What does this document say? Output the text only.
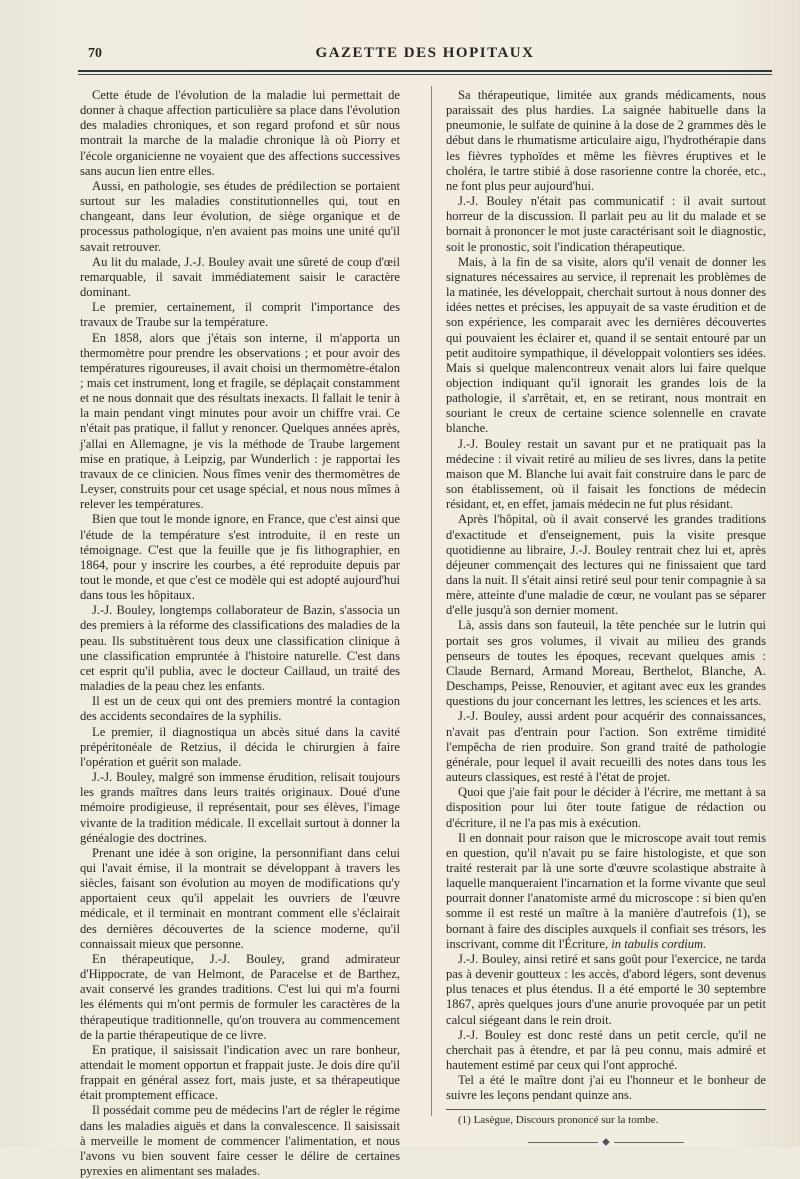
70	GAZETTE DES HOPITAUX

Cette étude de l'évolution de la maladie lui permettait de donner à chaque affection particulière sa place dans l'évolution des maladies chroniques, et son regard profond et sûr nous montrait la marche de la maladie chronique là où Piorry et l'école organicienne ne voyaient que des affections successives sans aucun lien entre elles.

Aussi, en pathologie, ses études de prédilection se portaient surtout sur les maladies constitutionnelles qui, tout en changeant, dans leur évolution, de siège organique et de processus pathologique, n'en avaient pas moins une unité qu'il savait retrouver.

Au lit du malade, J.-J. Bouley avait une sûreté de coup d'œil remarquable, il savait immédiatement saisir le caractère dominant.

Le premier, certainement, il comprit l'importance des travaux de Traube sur la température.

En 1858, alors que j'étais son interne, il m'apporta un thermomètre pour prendre les observations ; et pour avoir des températures rigoureuses, il avait choisi un thermomètre-étalon ; mais cet instrument, long et fragile, se déplaçait constamment et ne nous donnait que des résultats inexacts. Il fallait le tenir à la main pendant vingt minutes pour avoir un chiffre vrai. Ce n'était pas pratique, il fallut y renoncer. Quelques années après, j'allai en Allemagne, je vis la méthode de Traube largement mise en pratique, à Leipzig, par Wunderlich : je rapportai les travaux de ce clinicien. Nous fîmes venir des thermomètres de Leyser, construits pour cet usage spécial, et nous nous mîmes à relever les températures.

Bien que tout le monde ignore, en France, que c'est ainsi que l'étude de la température s'est introduite, il en reste un témoignage. C'est que la feuille que je fis lithographier, en 1864, pour y inscrire les courbes, a été reproduite depuis par tout le monde, et que c'est ce modèle qui est adopté aujourd'hui dans tous les hôpitaux.

J.-J. Bouley, longtemps collaborateur de Bazin, s'associa un des premiers à la réforme des classifications des maladies de la peau. Ils substituèrent tous deux une classification clinique à une classification empruntée à l'histoire naturelle. C'est dans cet esprit qu'il publia, avec le docteur Caillaud, un traité des maladies de la peau chez les enfants.

Il est un de ceux qui ont des premiers montré la contagion des accidents secondaires de la syphilis.

Le premier, il diagnostiqua un abcès situé dans la cavité prépéritonéale de Retzius, il décida le chirurgien à faire l'opération et guérit son malade.

J.-J. Bouley, malgré son immense érudition, relisait toujours les grands maîtres dans leurs traités originaux. Doué d'une mémoire prodigieuse, il représentait, pour ses élèves, l'image vivante de la tradition médicale. Il excellait surtout à donner la généalogie des doctrines.

Prenant une idée à son origine, la personnifiant dans celui qui l'avait émise, il la montrait se développant à travers les siècles, faisant son évolution au moyen de modifications qu'y apportaient ceux qu'il appelait les ouvriers de l'œuvre médicale, et il terminait en montrant comment elle s'éclairait des dernières découvertes de la science moderne, qu'il connaissait mieux que personne.

En thérapeutique, J.-J. Bouley, grand admirateur d'Hippocrate, de van Helmont, de Paracelse et de Barthez, avait conservé les grandes traditions. C'est lui qui m'a fourni les éléments qui m'ont permis de formuler les caractères de la thérapeutique traditionnelle, qu'on trouvera au commencement de la partie thérapeutique de ce livre.

En pratique, il saisissait l'indication avec un rare bonheur, attendait le moment opportun et frappait juste. Je dois dire qu'il frappait en général assez fort, mais juste, et sa thérapeutique était promptement efficace.

Il possédait comme peu de médecins l'art de régler le régime dans les maladies aiguës et dans la convalescence. Il saisissait à merveille le moment de commencer l'alimentation, et nous l'avons vu bien souvent faire cesser le délire de certaines pyrexies en alimentant ses malades.

Sa thérapeutique, limitée aux grands médicaments, nous paraissait des plus hardies. La saignée habituelle dans la pneumonie, le sulfate de quinine à la dose de 2 grammes dès le début dans le rhumatisme articulaire aigu, l'hydrothérapie dans les fièvres typhoïdes et même les fièvres éruptives et le choléra, le tartre stibié à dose rasorienne contre la chorée, etc., ne font plus peur aujourd'hui.

J.-J. Bouley n'était pas communicatif : il avait surtout horreur de la discussion. Il parlait peu au lit du malade et se bornait à prononcer le mot juste caractérisant soit le diagnostic, soit le pronostic, soit l'indication thérapeutique.

Mais, à la fin de sa visite, alors qu'il venait de donner les signatures nécessaires au service, il reprenait les problèmes de la matinée, les développait, cherchait surtout à nous donner des idées nettes et précises, les appuyait de sa vaste érudition et de son expérience, les comparait avec les dernières découvertes qui pouvaient les éclairer et, quand il se sentait entouré par un petit auditoire sympathique, il développait volontiers ses idées. Mais si quelque malencontreux venait alors lui faire quelque objection indiquant qu'il ignorait les grandes lois de la pathologie, il s'arrêtait, et, en se retirant, nous montrait en souriant le creux de certaine science solennelle en cravate blanche.

J.-J. Bouley restait un savant pur et ne pratiquait pas la médecine : il vivait retiré au milieu de ses livres, dans la petite maison que M. Blanche lui avait fait construire dans le parc de son établissement, où il faisait les fonctions de médecin résidant, et, en effet, jamais médecin ne fut plus résidant.

Après l'hôpital, où il avait conservé les grandes traditions d'exactitude et d'enseignement, puis la visite presque quotidienne au libraire, J.-J. Bouley rentrait chez lui et, après déjeuner commençait des lectures qui ne finissaient que tard dans la nuit. Il s'était ainsi retiré seul pour tenir compagnie à sa mère, atteinte d'une maladie de cœur, ne voulant pas se séparer d'elle jusqu'à son dernier moment.

Là, assis dans son fauteuil, la tête penchée sur le lutrin qui portait ses gros volumes, il vivait au milieu des grands penseurs de toutes les époques, recevant quelques amis : Claude Bernard, Armand Moreau, Berthelot, Blanche, A. Deschamps, Peisse, Renouvier, et agitant avec eux les grandes questions du jour concernant les lettres, les sciences et les arts.

J.-J. Bouley, aussi ardent pour acquérir des connaissances, n'avait pas d'entrain pour l'action. Son extrême timidité l'empêcha de rien produire. Son grand traité de pathologie générale, pour lequel il avait recueilli des notes dans tous les auteurs classiques, est resté à l'état de projet.

Quoi que j'aie fait pour le décider à l'écrire, me mettant à sa disposition pour lui ôter toute fatigue de rédaction ou d'écriture, il ne l'a pas mis à exécution.

Il en donnait pour raison que le microscope avait tout remis en question, qu'il n'avait pu se faire histologiste, et que son traité resterait par là une sorte d'œuvre scolastique abstraite à laquelle manqueraient l'incarnation et la forme vivante que seul pourrait donner l'anatomiste armé du microscope : si bien qu'en somme il est resté un maître à la manière d'autrefois (1), se bornant à faire des disciples auxquels il confiait ses trésors, les inscrivant, comme dit l'Écriture, in tabulis cordium.

J.-J. Bouley, ainsi retiré et sans goût pour l'exercice, ne tarda pas à devenir goutteux : les accès, d'abord légers, sont devenus plus tenaces et plus étendus. Il a été emporté le 30 septembre 1867, après quelques jours d'une anurie provoquée par un petit calcul siégeant dans le rein droit.

J.-J. Bouley est donc resté dans un petit cercle, qu'il ne cherchait pas à étendre, et par là peu connu, mais admiré et hautement estimé par ceux qui l'ont approché.

Tel a été le maître dont j'ai eu l'honneur et le bonheur de suivre les leçons pendant quinze ans.

(1) Lasègue, Discours prononcé sur la tombe.

⬥
